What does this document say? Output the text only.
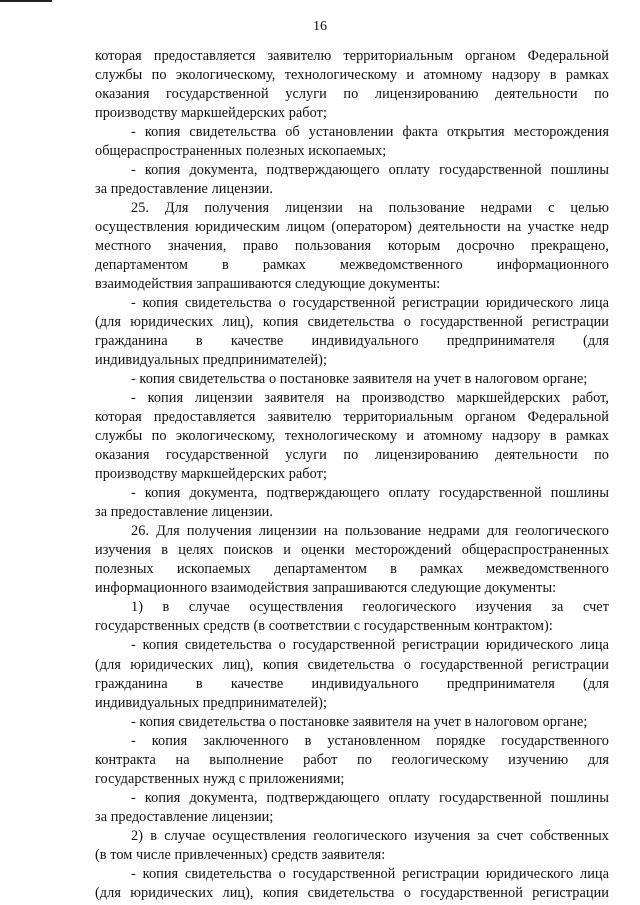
16

которая предоставляется заявителю территориальным органом Федеральной

службы по экологическому, технологическому и атомному надзору в рамках

оказания государственной услуги по лицензированию деятельности по

производству маркшейдерских работ;

- копия свидетельства об установлении факта открытия месторождения

общераспространенных полезных ископаемых;

- копия документа, подтверждающего оплату государственной пошлины

за предоставление лицензии.

25. Для получения лицензии на пользование недрами с целью

осуществления юридическим лицом (оператором) деятельности на участке недр

местного значения, право пользования которым досрочно прекращено,

департаментом в рамках межведомственного информационного

взаимодействия запрашиваются следующие документы:

- копия свидетельства о государственной регистрации юридического лица

(для юридических лиц), копия свидетельства о государственной регистрации

гражданина в качестве индивидуального предпринимателя (для

индивидуальных предпринимателей);

- копия свидетельства о постановке заявителя на учет в налоговом органе;

- копия лицензии заявителя на производство маркшейдерских работ,

которая предоставляется заявителю территориальным органом Федеральной

службы по экологическому, технологическому и атомному надзору в рамках

оказания государственной услуги по лицензированию деятельности по

производству маркшейдерских работ;

- копия документа, подтверждающего оплату государственной пошлины

за предоставление лицензии.

26. Для получения лицензии на пользование недрами для геологического

изучения в целях поисков и оценки месторождений общераспространенных

полезных ископаемых департаментом в рамках межведомственного

информационного взаимодействия запрашиваются следующие документы:

1) в случае осуществления геологического изучения за счет

государственных средств (в соответствии с государственным контрактом):

- копия свидетельства о государственной регистрации юридического лица

(для юридических лиц), копия свидетельства о государственной регистрации

гражданина в качестве индивидуального предпринимателя (для

индивидуальных предпринимателей);

- копия свидетельства о постановке заявителя на учет в налоговом органе;

- копия заключенного в установленном порядке государственного

контракта на выполнение работ по геологическому изучению для

государственных нужд с приложениями;

- копия документа, подтверждающего оплату государственной пошлины

за предоставление лицензии;

2) в случае осуществления геологического изучения за счет собственных

(в том числе привлеченных) средств заявителя:

- копия свидетельства о государственной регистрации юридического лица

(для юридических лиц), копия свидетельства о государственной регистрации
